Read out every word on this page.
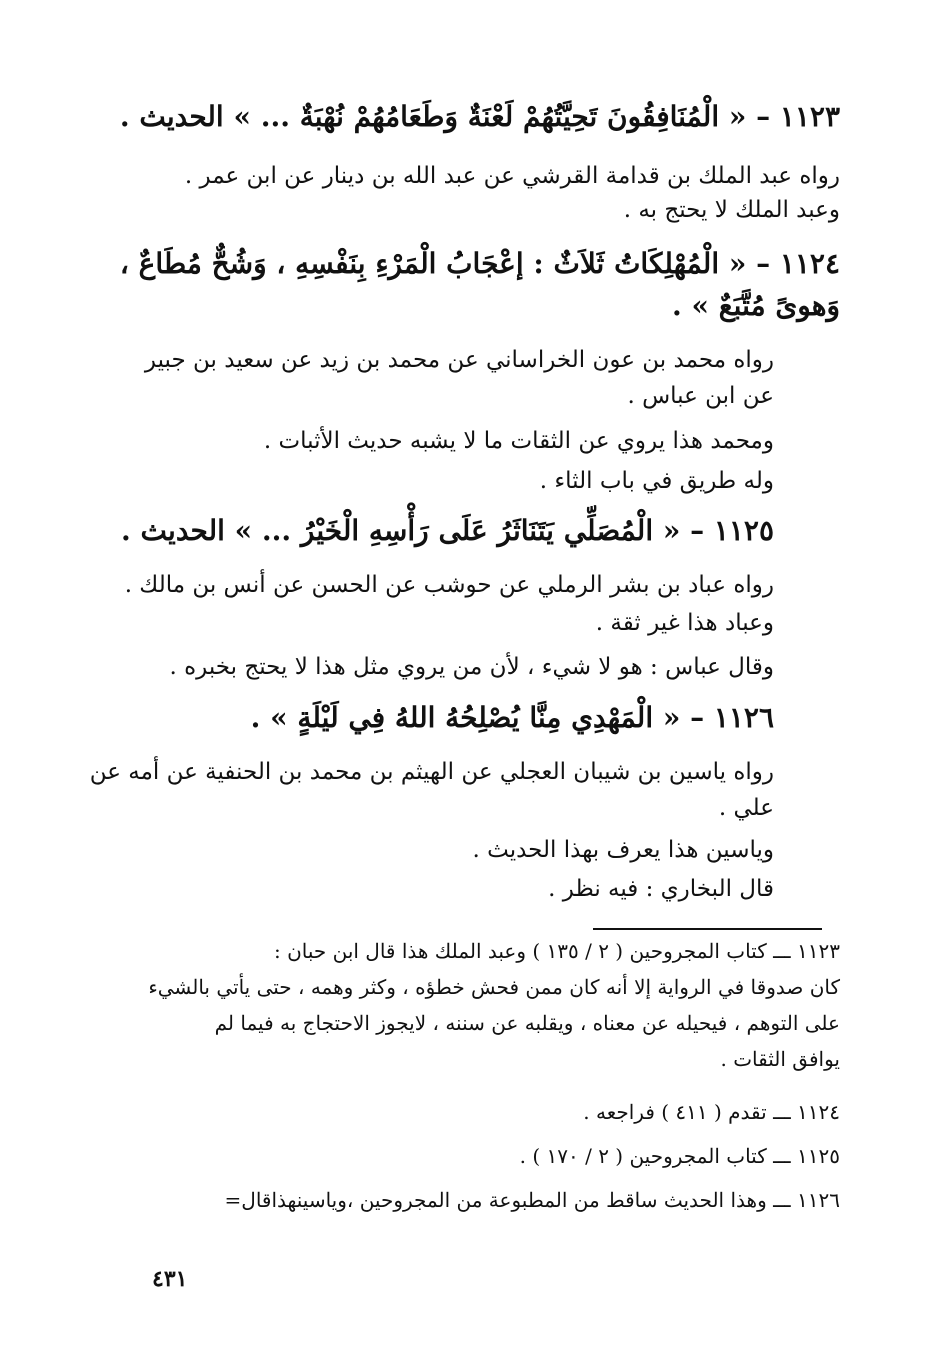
١١٢٣ – « الْمُنَافِقُونَ تَحِيَّتُهُمْ لَعْنَةٌ وَطَعَامُهُمْ نُهْبَةٌ ... » الحديث .
رواه عبد الملك بن قدامة القرشي عن عبد الله بن دينار عن ابن عمر .
وعبد الملك لا يحتج به .
١١٢٤ – « الْمُهْلِكَاتُ ثَلاَثٌ : إعْجَابُ الْمَرْءِ بِنَفْسِهِ ، وَشُحٌّ مُطَاعٌ ،
وَهوىً مُتَّبَعٌ » .
رواه محمد بن عون الخراساني عن محمد بن زيد عن سعيد بن جبير
عن ابن عباس .
ومحمد هذا يروي عن الثقات ما لا يشبه حديث الأثبات .
وله طريق في باب الثاء .
١١٢٥ – « الْمُصَلِّي يَتَنَاثَرُ عَلَى رَأْسِهِ الْخَيْرُ ... » الحديث .
رواه عباد بن بشر الرملي عن حوشب عن الحسن عن أنس بن مالك .
وعباد هذا غير ثقة .
وقال عباس : هو لا شيء ، لأن من يروي مثل هذا لا يحتج بخبره .
١١٢٦ – « الْمَهْدِي مِنَّا يُصْلِحُهُ اللهُ فِي لَيْلَةٍ » .
رواه ياسين بن شيبان العجلي عن الهيثم بن محمد بن الحنفية عن أمه عن
علي .
وياسين هذا يعرف بهذا الحديث .
قال البخاري : فيه نظر .
١١٢٣ ـــ كتاب المجروحين ( ٢ / ١٣٥ ) وعبد الملك هذا قال ابن حبان :
كان صدوقا في الرواية إلا أنه كان ممن فحش خطؤه ، وكثر وهمه ، حتى يأتي بالشيء
على التوهم ، فيحيله عن معناه ، ويقلبه عن سننه ، لايجوز الاحتجاج به فيما لم
يوافق الثقات .
١١٢٤ ـــ تقدم ( ٤١١ ) فراجعه .
١١٢٥ ـــ كتاب المجروحين ( ٢ / ١٧٠ ) .
١١٢٦ ـــ وهذا الحديث ساقط من المطبوعة من المجروحين ،وياسينهذاقال=
٤٣١
